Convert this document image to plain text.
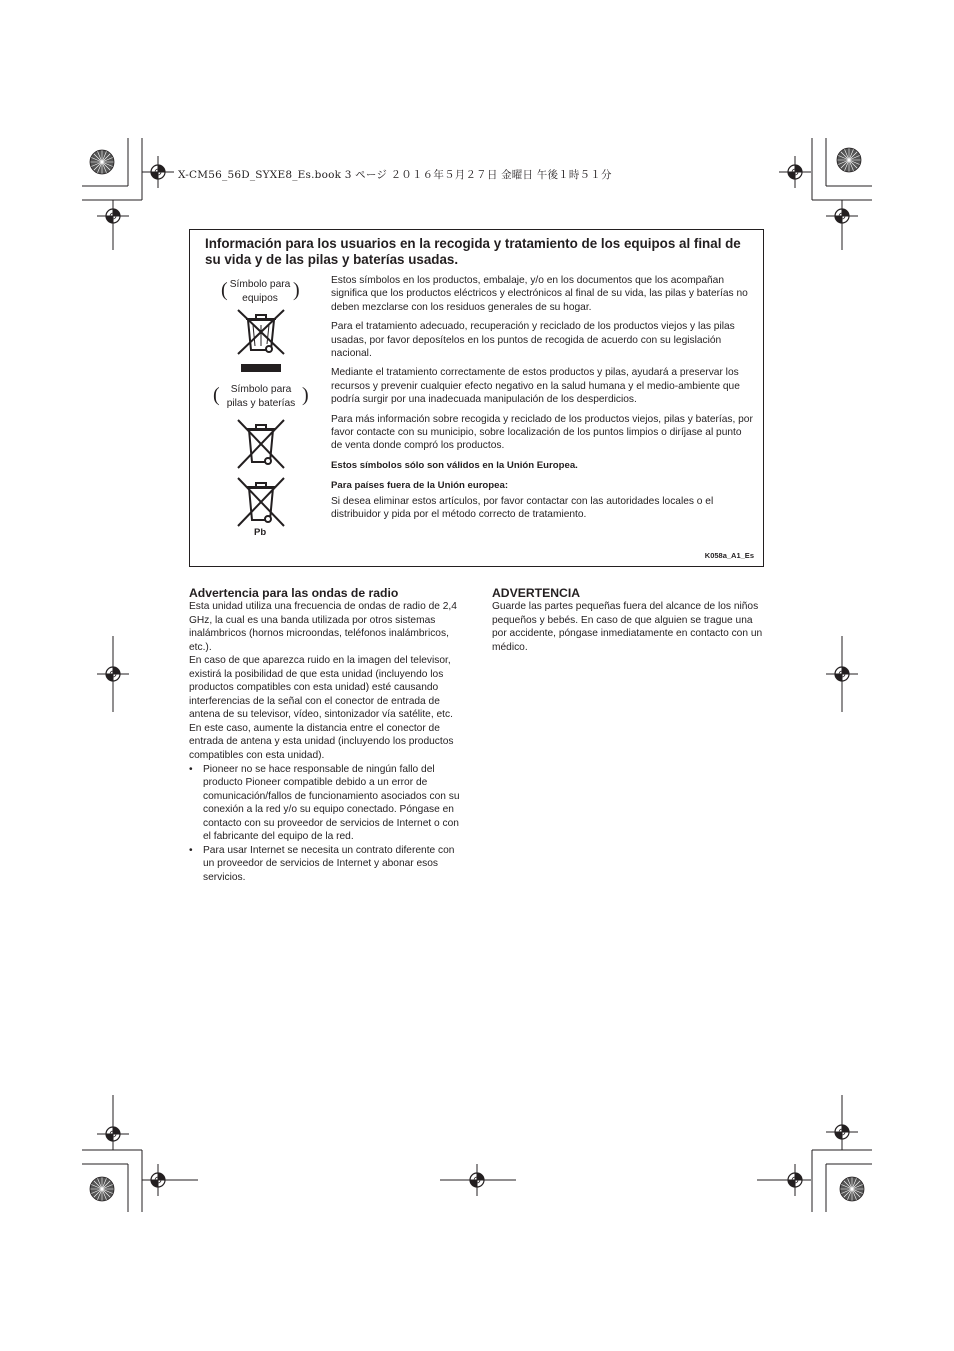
X-CM56_56D_SYXE8_Es.book 3 ページ ２０１６年５月２７日 金曜日 午後１時５１分
Información para los usuarios en la recogida y tratamiento de los equipos al final de su vida y de las pilas y baterías usadas.
( Símbolo para
equipos )
(	Símbolo para
pilas y baterías )
Pb

Estos símbolos en los productos, embalaje, y/o en los documentos que los acompañan significa que los productos eléctricos y electrónicos al final de su vida, las pilas y baterías no deben mezclarse con los residuos generales de su hogar.

Para el tratamiento adecuado, recuperación y reciclado de los productos viejos y las pilas usadas, por favor deposítelos en los puntos de recogida de acuerdo con su legislación nacional.

Mediante el tratamiento correctamente de estos productos y pilas, ayudará a preservar los recursos y prevenir cualquier efecto negativo en la salud humana y el medio-ambiente que podría surgir por una inadecuada manipulación de los desperdicios.

Para más información sobre recogida y reciclado de los productos viejos, pilas y baterías, por favor contacte con su municipio, sobre localización de los puntos limpios o diríjase al punto de venta donde compró los productos.

Estos símbolos sólo son válidos en la Unión Europea.

Para países fuera de la Unión europea:

Si desea eliminar estos artículos, por favor contactar con las autoridades locales o el distribuidor y pida por el método correcto de tratamiento.

K058a_A1_Es
Advertencia para las ondas de radio

Esta unidad utiliza una frecuencia de ondas de radio de 2,4 GHz, la cual es una banda utilizada por otros sistemas inalámbricos (hornos microondas, teléfonos inalámbricos, etc.).

En caso de que aparezca ruido en la imagen del televisor, existirá la posibilidad de que esta unidad (incluyendo los productos compatibles con esta unidad) esté causando interferencias de la señal con el conector de entrada de antena de su televisor, vídeo, sintonizador vía satélite, etc.

En este caso, aumente la distancia entre el conector de entrada de antena y esta unidad (incluyendo los productos compatibles con esta unidad).

• Pioneer no se hace responsable de ningún fallo del producto Pioneer compatible debido a un error de comunicación/fallos de funcionamiento asociados con su conexión a la red y/o su equipo conectado. Póngase en contacto con su proveedor de servicios de Internet o con el fabricante del equipo de la red.
• Para usar Internet se necesita un contrato diferente con un proveedor de servicios de Internet y abonar esos servicios.
ADVERTENCIA

Guarde las partes pequeñas fuera del alcance de los niños pequeños y bebés. En caso de que alguien se trague una por accidente, póngase inmediatamente en contacto con un médico.
